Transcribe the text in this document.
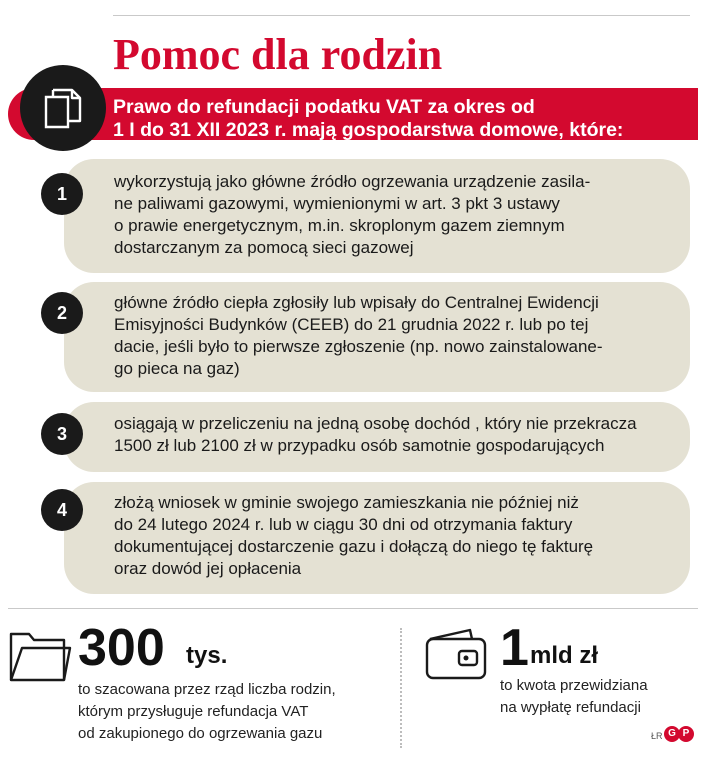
Pomoc dla rodzin
Prawo do refundacji podatku VAT za okres od
1 I do 31 XII 2023 r. mają gospodarstwa domowe, które:
wykorzystują jako główne źródło ogrzewania urządzenie zasila-
ne paliwami gazowymi, wymienionymi w art. 3 pkt 3 ustawy
o prawie energetycznym, m.in. skroplonym gazem ziemnym
dostarczanym za pomocą sieci gazowej
1
główne źródło ciepła zgłosiły lub wpisały do Centralnej Ewidencji
Emisyjności Budynków (CEEB) do 21 grudnia 2022 r. lub po tej
dacie, jeśli było to pierwsze zgłoszenie (np. nowo zainstalowane-
go pieca na gaz)
2
osiągają w przeliczeniu na jedną osobę dochód , który nie przekracza
1500 zł lub 2100 zł w przypadku osób samotnie gospodarujących
3
złożą wniosek w gminie swojego zamieszkania nie później niż
do 24 lutego 2024 r. lub w ciągu 30 dni od otrzymania faktury
dokumentującej dostarczenie gazu i dołączą do niego tę fakturę
oraz dowód jej opłacenia
4
300 tys.
to szacowana przez rząd liczba rodzin,
którym przysługuje refundacja VAT
od zakupionego do ogrzewania gazu
1 mld zł
to kwota przewidziana
na wypłatę refundacji
ŁR G P
